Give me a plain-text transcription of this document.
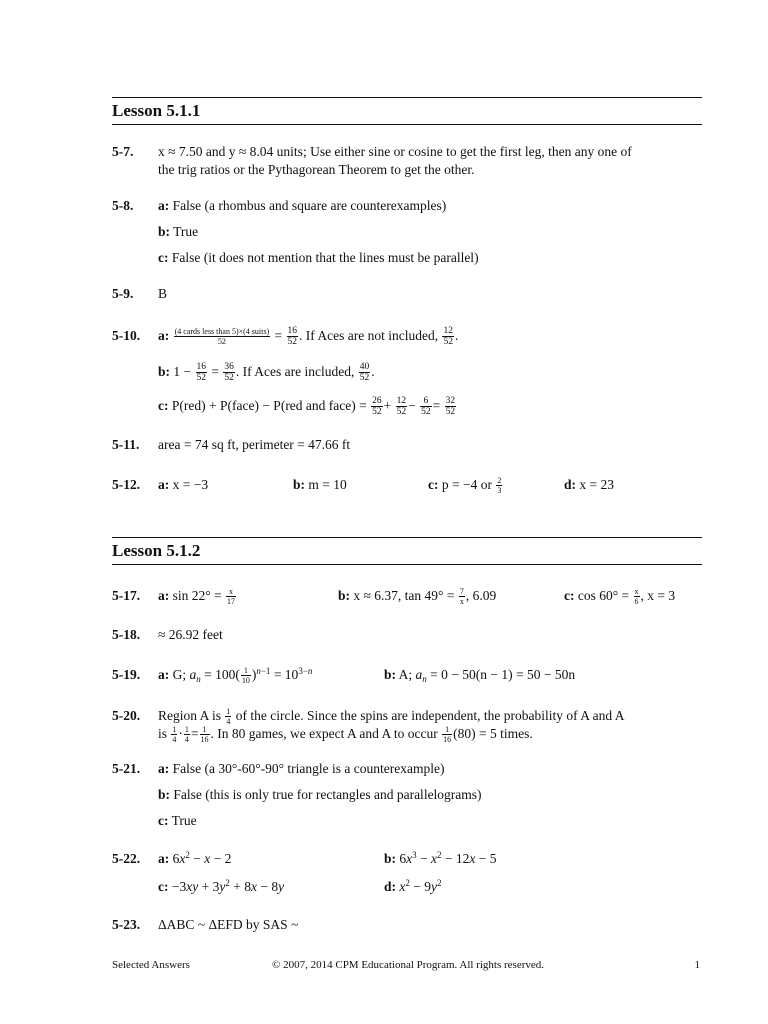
Lesson 5.1.1
5-7. x ≈ 7.50 and y ≈ 8.04 units; Use either sine or cosine to get the first leg, then any one of
the trig ratios or the Pythagorean Theorem to get the other.
5-8. a: False (a rhombus and square are counterexamples)
b: True
c: False (it does not mention that the lines must be parallel)
5-9. B
5-10. a: $\frac{\text{(4 cards less than 5)×(4 suits)}}{52} = \frac{16}{52}$ . If Aces are not included, $\frac{12}{52}$ .
b: $1 - \frac{16}{52} = \frac{36}{52}$ . If Aces are included, $\frac{40}{52}$ .
c: P(red) + P(face) − P(red and face) = $\frac{26}{52} + \frac{12}{52} - \frac{6}{52} = \frac{32}{52}$
5-11. area = 74 sq ft, perimeter = 47.66 ft
5-12. a: x = −3	b: m = 10	c: p = −4 or $\frac{2}{3}$	d: x = 23
Lesson 5.1.2
5-17. a: $\sin 22^\circ = \frac{x}{17}$	b: x ≈ 6.37, $\tan 49^\circ = \frac{7}{x}$ , 6.09	c: $\cos 60^\circ = \frac{x}{6}$ , x = 3
5-18. ≈ 26.92 feet
5-19. a: G; $a_n = 100( \frac{1}{10} )^{n-1} = 10^{3-n}$	b: A; $a_n = 0 - 50(n - 1) = 50 - 50n$
5-20. Region A is $\frac{1}{4}$ of the circle. Since the spins are independent, the probability of A and A
is $\frac{1}{4} \cdot \frac{1}{4} = \frac{1}{16}$ . In 80 games, we expect A and A to occur $\frac{1}{16} (80) = 5$ times.
5-21. a: False (a 30°-60°-90° triangle is a counterexample)
b: False (this is only true for rectangles and parallelograms)
c: True
5-22. a: $6x^2 - x - 2$	b: $6x^3 - x^2 - 12x - 5$
c: $-3xy + 3y^2 + 8x - 8y$	d: $x^2 - 9y^2$
5-23. ΔABC ~ ΔEFD by SAS ~
Selected Answers	© 2007, 2014 CPM Educational Program. All rights reserved.	1
